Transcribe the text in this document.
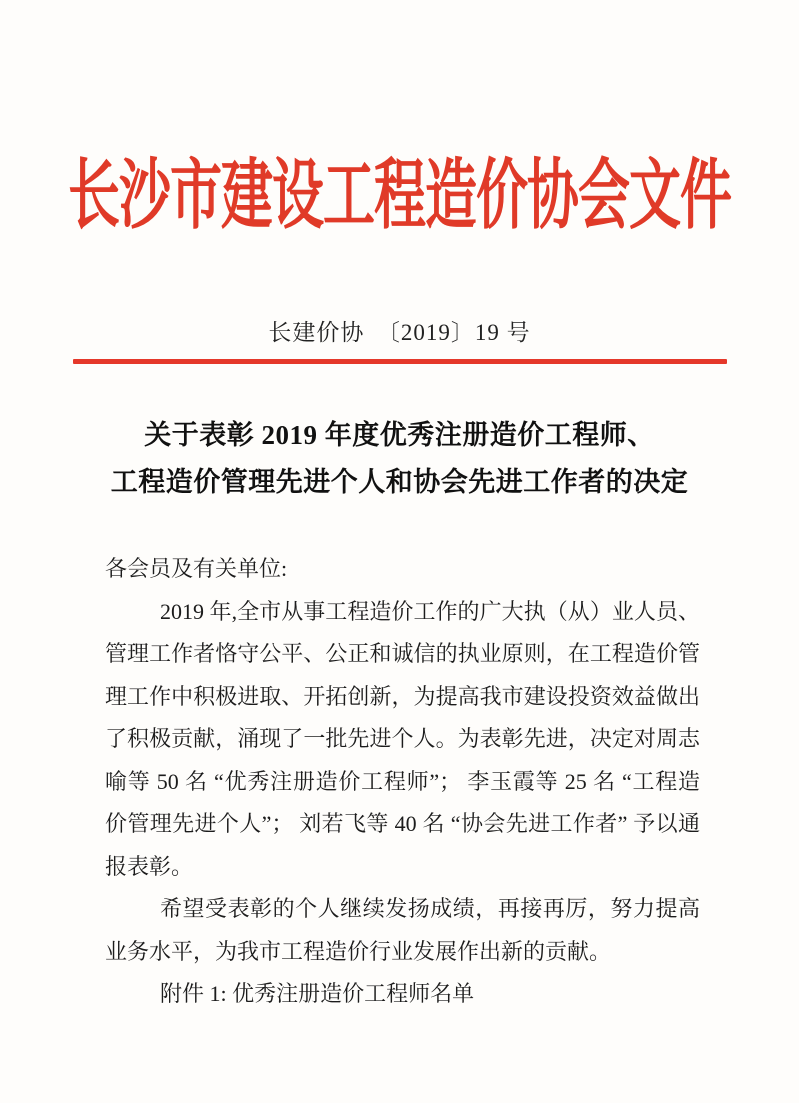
长沙市建设工程造价协会文件
长建价协　〔2019〕19 号
关于表彰 2019 年度优秀注册造价工程师、
工程造价管理先进个人和协会先进工作者的决定

各会员及有关单位:

2019 年,全市从事工程造价工作的广大执（从）业人员、管理工作者恪守公平、公正和诚信的执业原则，在工程造价管理工作中积极进取、开拓创新，为提高我市建设投资效益做出了积极贡献，涌现了一批先进个人。为表彰先进，决定对周志喻等 50 名 “优秀注册造价工程师”； 李玉霞等 25 名 “工程造价管理先进个人”； 刘若飞等 40 名 “协会先进工作者” 予以通报表彰。

希望受表彰的个人继续发扬成绩，再接再厉，努力提高业务水平，为我市工程造价行业发展作出新的贡献。

附件 1: 优秀注册造价工程师名单
